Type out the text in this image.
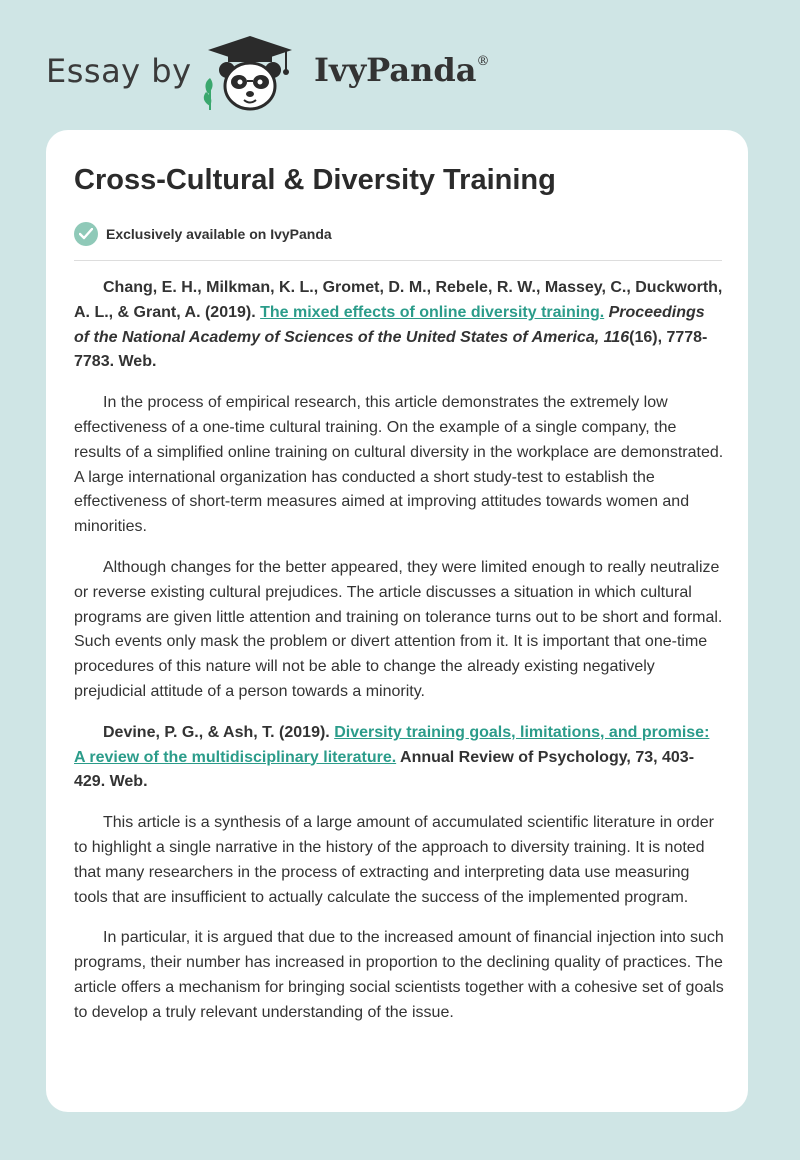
Essay by	IvyPanda®
Cross-Cultural & Diversity Training
Exclusively available on IvyPanda

Chang, E. H., Milkman, K. L., Gromet, D. M., Rebele, R. W., Massey, C., Duckworth, A. L., & Grant, A. (2019). The mixed effects of online diversity training. Proceedings of the National Academy of Sciences of the United States of America, 116(16), 7778-7783. Web.

In the process of empirical research, this article demonstrates the extremely low effectiveness of a one-time cultural training. On the example of a single company, the results of a simplified online training on cultural diversity in the workplace are demonstrated. A large international organization has conducted a short study-test to establish the effectiveness of short-term measures aimed at improving attitudes towards women and minorities.

Although changes for the better appeared, they were limited enough to really neutralize or reverse existing cultural prejudices. The article discusses a situation in which cultural programs are given little attention and training on tolerance turns out to be short and formal. Such events only mask the problem or divert attention from it. It is important that one-time procedures of this nature will not be able to change the already existing negatively prejudicial attitude of a person towards a minority.

Devine, P. G., & Ash, T. (2019). Diversity training goals, limitations, and promise: A review of the multidisciplinary literature. Annual Review of Psychology, 73, 403-429. Web.

This article is a synthesis of a large amount of accumulated scientific literature in order to highlight a single narrative in the history of the approach to diversity training. It is noted that many researchers in the process of extracting and interpreting data use measuring tools that are insufficient to actually calculate the success of the implemented program.

In particular, it is argued that due to the increased amount of financial injection into such programs, their number has increased in proportion to the declining quality of practices. The article offers a mechanism for bringing social scientists together with a cohesive set of goals to develop a truly relevant understanding of the issue.
